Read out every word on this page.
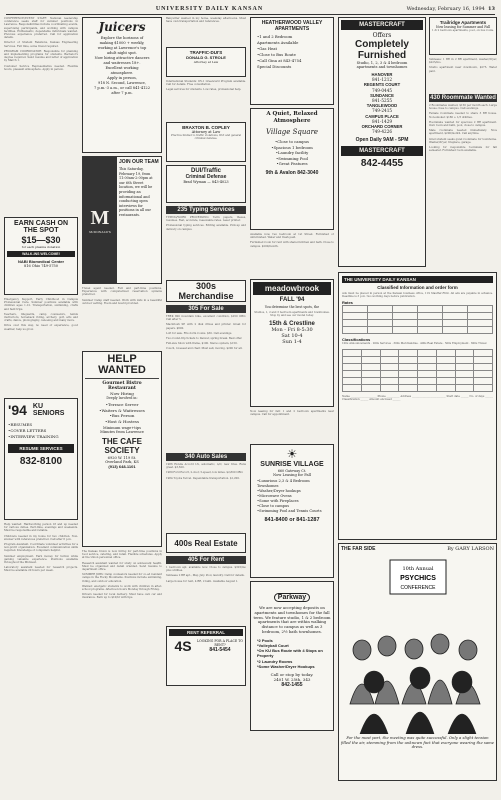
UNIVERSITY DAILY KANSAN	Wednesday, February 16, 1994 13

CONFERENCE/EVENT STAFF: National leadership conference seeks staff for summer positions in Lawrence. Responsibilities include coordinating events, supervising participants, and working with campus facilities. Enthusiastic, dependable individuals wanted. Previous experience preferred. Call for application details.

Director of Student Relations, Kansas Engineering Services. Full time, some travel required.

PROGRAM COORDINATOR: Responsible for planning and implementing programs for students. Bachelor's degree required. Send resume and letter of application by March 1.

Customer Service Representative needed. Flexible hours, pleasant atmosphere. Apply in person.

EARN CASH ON THE SPOT
$15—$30
for each plasma donation
WALK-INS WELCOME!
NABI Biomedical Center
816 Ohio 749-5750

Emergency Support, Early Childhood in Campus Professional Care. Summer positions available with children ages 1-12. Transportation, swimming, crafts and field trips.

Teachers, lifeguards, camp counselors, tennis instructors, horseback riding, archery, golf, arts and crafts, dance, photography, canoeing and many more.

Drive over this way, no need of experience, good weather, help us grow.

'94 KU SENIORS
•RESUMES
•COVER LETTERS
•INTERVIEW TRAINING
RESUME SERVICES
832-8100

Help wanted: Hardworking person 18 and up needed for various duties. Part-time, evenings and weekends. Must be responsible and reliable.

Childcare needed in my home for two children. Non-smoker with references preferred. Call after 6 p.m.

Program Assistant. Coordinate volunteer activities for a non-profit organization. Excellent communication skills required. Knowledge of computers helpful.

Summer employment. Earn money for tuition while gaining valuable experience. Positions available throughout the Midwest.

Laboratory assistant needed for research projects. Must be available 20 hours per week.

Juicers
Explore the horizons of
making $1000 + weekly,
working at Lawrence's top
adult night spot.
Now hiring attractive dancers
and waitresses 18+.
Excellent working
atmosphere.
Apply in person,
918 N. Second, Lawrence,
7 p.m.-3 a.m., or call 841-4122
after 7 p.m.
M
McDONALD'S
JOIN OUR TEAM
This Saturday, February 19, from 11:00am-2:00pm at our 6th Street location, we will be providing an informational and conducting open interviews for positions in all our restaurants.

Travel agent needed. Full and part-time positions. Experience with computerized reservation systems preferred.

Summer Camp staff needed. Work with kids in a beautiful outdoor setting. Room and board provided.

HELP WANTED
Gourmet Bistro
Restaurant
Now Hiring
Deeply Involved in:
•Terrace Server
•Waiters & Waitresses
•Bus Person
•Host & Hostess
Minimum wage+tips
Minutes from Lawrence
THE CAFE SOCIETY
6920 W. 119 St.
Overland Park, KS
(913) 648-1101

The Kansas Union is now hiring for part-time positions in food service, catering, and retail. Flexible schedules. Apply at the Union personnel office.

Research assistant wanted for study on adolescent health. Must be organized and detail oriented. Send résumé to department office.

SUMMER JOBS: Camp counselors needed for co-ed resident camps in the Rocky Mountains. Positions include swimming, riding, and outdoor education.

Wanted: energetic students to work with children in after-school programs. Afternoon hours Monday through Friday.

Drivers needed for local delivery. Must have own car and insurance. Earn up to $10/hr with tips.

Babysitter wanted in my home, weekday afternoons. Must have own transportation and references.

TRAFFIC-DUI'S
DONALD G. STROLE
Attorney at Law

International Students: DV-1 Greencard Program available. Call for details. Free consultation.

Legal services for students. Low rates, professional help.

BRAXTON B. COPLEY
Attorney at Law
Practice limited to traffic violations, DUI and general criminal defense.
DUI/Traffic
Criminal Defense
Brad Wyman — 843-4023
235 Typing Services

TYPING/WORD PROCESSING: Term papers, theses, resumes. Fast, accurate, reasonable rates. Laser printer.

Professional typing services. Editing available. Pick-up and delivery on campus.

300s Merchandise
305 For Sale

TREK 800 mountain bike, excellent condition, $250 OBO. Call after 5.

Macintosh SE with 2 disk drives and printer. Great for papers. $600.

Loft for sale. Fits dorm rooms. $50. Call evenings.

Two round-trip tickets to Denver, spring break. Best offer.

Full-size futon with frame, $100. Stereo system, $150.

Couch, loveseat and chair. Must sell, moving. $200 for all.

340 Auto Sales

1986 Honda Accord LX, automatic, A/C, new tires. Runs great. $3,500.

1989 Ford Escort, 2-door, 5-speed, low miles. $2,800 OBO.

1984 Toyota Tercel. Dependable transportation. $1,200.

400s Real Estate
405 For Rent

1 bedroom apt. available now. Close to campus. $325/mo plus utilities.

Sublease 2 BR apt., May–July. Pool, laundry. Call for details.

Large house for rent, 4 BR, 2 bath. Available August 1.

RENT REFERRAL
4S	LOOKING FOR A PLACE TO RENT?
841-5454
HEATHERWOOD VALLEY APARTMENTS
•1 and 2 Bedroom
Apartments Available
•Gas Heat
•Close to Bus Route
•Call Gina at 843-4754
Special Discounts
A Quiet, Relaxed Atmosphere
Village Square
•Close to campus
•Spacious 1 bedroom
•Laundry facility
•Swimming Pool
•Great Features
9th & Avalon 842-3040

Available now, two bedroom at 1st Street. Furnished or unfurnished. Water and trash paid.

Furnished room for rent with shared kitchen and bath. Close to campus. $200/month.

meadowbrook
FALL '94
You determine the best spots, the
Studios, 1, 2 and 3 bedroom apartments and townhomes. Stop by and see our model today.
15th & Crestline
Mon - Fri 8-5:30
Sat 10-4
Sun 1-4

Now leasing for fall: 1 and 2 bedroom apartments near campus. Call for appointment.

☀
SUNRISE VILLAGE
660 Gateway Ct.
Now Leasing for Fall
•Luxurious 2,3 & 4 Bedroom Townhomes
•Washer/Dryer hookups
•Microwave Ovens
•Some with Fireplaces
•Close to campus
•Swimming Pool and Tennis Courts
841-8400 or 841-1287
Parkway
We are now accepting deposits on apartments and townhomes for the fall term. We feature studio, 1 & 2 bedroom apartments that are within walking distance to campus as well as 3 bedroom, 2½ bath townhomes.
*2 Pools
*Volleyball Court
*On KU Bus Route with 4 Stops on Property
*2 Laundry Rooms
*Some Washer/Dryer Hookups
Call or stop by today.
2401 W. 25th, 343
842-1455
MASTERCRAFT
Offers
Completely Furnished
Studio, 1, 2, 3 & 4 bedroom
apartments and townhomes
HANOVER
841-1212
REGENTS COURT
749-0445
SUNDANCE
841-5255
TANGLEWOOD
749-2415
CAMPUS PLACE
841-1429
ORCHARD CORNER
749-4226
Open Daily 9AM - 5PM
MASTERCRAFT
842-4455
Trailridge Apartments
Now leasing for Summer and Fall
1 & 2 bedroom apartments, pool, on bus route.

Sublease: 1 BR in 2 BR apartment, washer/dryer, $225/mo.

Studio apartment near downtown, $275. Water paid.

430 Roommate Wanted

2 Roommates wanted, $150 per month each. Large house close to campus. Call evenings.

Female roommate needed to share 3 BR house. Non-smoker. $180 + 1/3 utilities.

Roommate wanted for spacious 2 BR apartment. Own room and bath, pool, close to campus.

Male roommate needed immediately. Nice apartment, $200/month. Call anytime.

Grad student seeks quiet roommate for townhome. Washer/dryer, fireplace, garage.

Looking for responsible roommate for fall semester. Furnished room available.

THE UNIVERSITY DAILY KANSAN
Classified Information and order form
Ads must be placed in person at the Kansan business office, 119 Stauffer-Flint. All ads are payable in advance. Deadline is 3 p.m. two working days before publication.
Rates

Classifications
100s Announcements · 200s Services · 300s Merchandise · 400s Real Estate · 500s Employment · 600s Travel

Name ____________________ Phone __________ Address __________________________ Start date ______ No. of days ______ Classification ______ Amount enclosed ______
THE FAR SIDE	By GARY LARSON
10th Annual
PSYCHICS
CONFERENCE
For the most part, the meeting was quite successful. Only a slight tension filled the air, stemming from the unknown fact that everyone wearing the same dress.
